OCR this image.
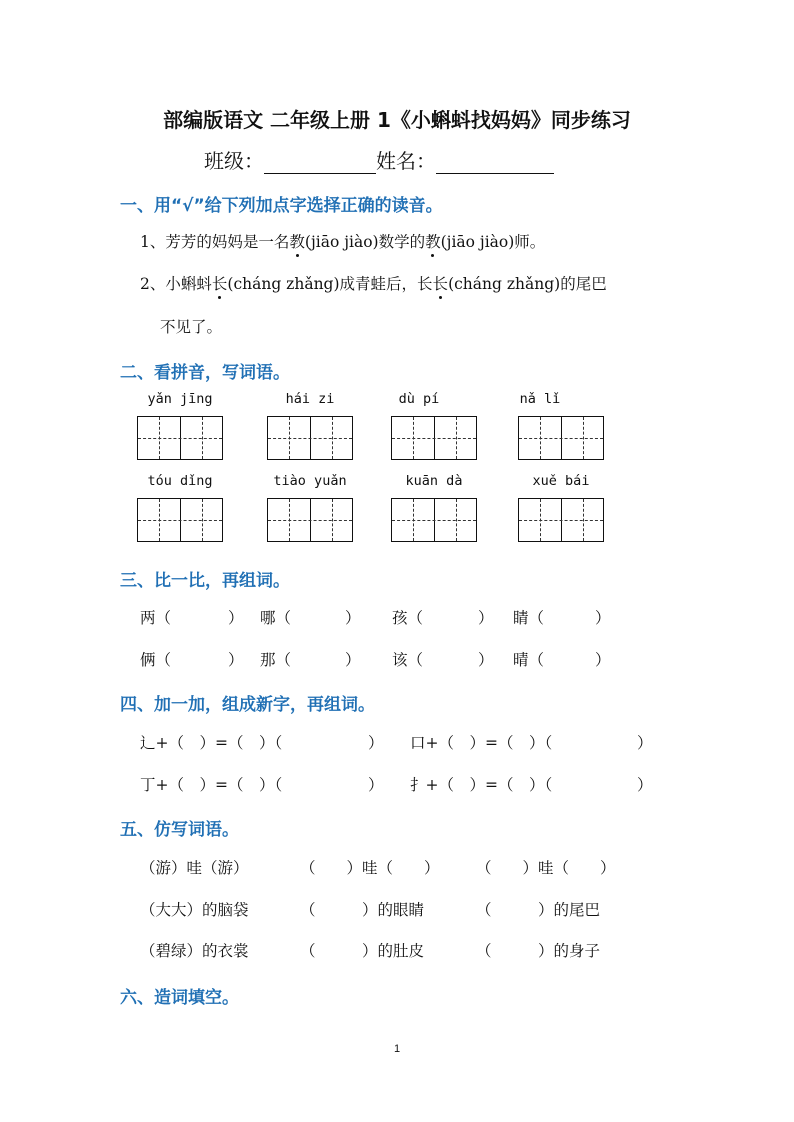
部编版语文 二年级上册 1《小蝌蚪找妈妈》同步练习
班级：	姓名：
一、用“√”给下列加点字选择正确的读音。
1、芳芳的妈妈是一名教(jiāo jiào)数学的教(jiāo jiào)师。
2、小蝌蚪长(cháng zhǎng)成青蛙后，长长(cháng zhǎng)的尾巴
不见了。
二、看拼音，写词语。
yǎn jīng	hái zi	dù pí	nǎ lǐ
tóu dǐng	tiào yuǎn	kuān dà	xuě bái
三、比一比，再组词。
两（	） 哪（	） 孩（	） 睛（	）
俩（	） 那（	） 该（	） 晴（	）
四、加一加，组成新字，再组词。
辶+（　）=（　）（	） 口+（　）=（　）（	）
丁+（　）=（　）（	） 扌+（　）=（　）（	）
五、仿写词语。
（游）哇（游）	（　　）哇（　　） （　　）哇（　　）
（大大）的脑袋	（　　　）的眼睛	（　　　）的尾巴
（碧绿）的衣裳	（　　　）的肚皮	（　　　）的身子
六、造词填空。
1
